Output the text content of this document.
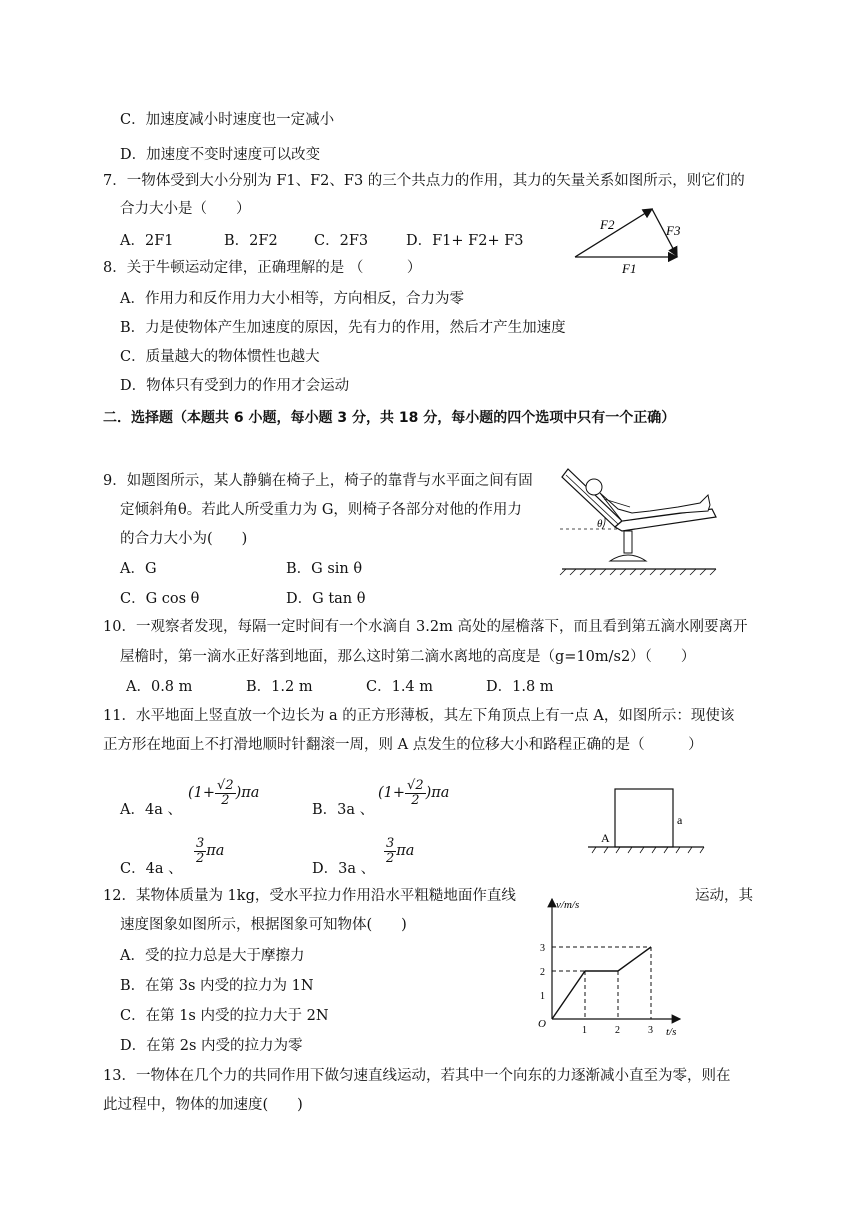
C．加速度减小时速度也一定减小
D．加速度不变时速度可以改变
7．一物体受到大小分别为 F1、F2、F3 的三个共点力的作用，其力的矢量关系如图所示，则它们的
合力大小是（　　）
A．2F1	B．2F2	C．2F3	D．F1+ F2+ F3
F2	F3
F1
8．关于牛顿运动定律，正确理解的是 （　　　）
A．作用力和反作用力大小相等，方向相反，合力为零
B．力是使物体产生加速度的原因，先有力的作用，然后才产生加速度
C．质量越大的物体惯性也越大
D．物体只有受到力的作用才会运动
二．选择题（本题共 6 小题，每小题 3 分，共 18 分，每小题的四个选项中只有一个正确）
9．如题图所示，某人静躺在椅子上，椅子的靠背与水平面之间有固
定倾斜角θ。若此人所受重力为 G，则椅子各部分对他的作用力
的合力大小为(　　)
A．G	B．G sin θ
C．G cos θ	D．G tan θ
θ
10．一观察者发现，每隔一定时间有一个水滴自 3.2m 高处的屋檐落下，而且看到第五滴水刚要离开
屋檐时，第一滴水正好落到地面，那么这时第二滴水离地的高度是（g=10m/s2）（　　）
A．0.8 m	B．1.2 m	C．1.4 m	D．1.8 m
11．水平地面上竖直放一个边长为 a 的正方形薄板，其左下角顶点上有一点 A，如图所示：现使该
正方形在地面上不打滑地顺时针翻滚一周，则 A 点发生的位移大小和路程正确的是（　　　）
A．4a 、
$(1+ \frac{√2}{2} )\pi a$
B．3a 、
$(1+ \frac{√2}{2} )\pi a$
C．4a 、
$\frac{3}{2}$ πa
D．3a 、
$\frac{3}{2}$ πa
A
a
12．某物体质量为 1kg，受水平拉力作用沿水平粗糙地面作直线	运动，其
速度图象如图所示，根据图象可知物体(　　)
A．受的拉力总是大于摩擦力
B．在第 3s 内受的拉力为 1N
C．在第 1s 内受的拉力大于 2N
D．在第 2s 内受的拉力为零
v/m/s
t/s
O
1	2	3
1
2
3
13．一物体在几个力的共同作用下做匀速直线运动，若其中一个向东的力逐渐减小直至为零，则在
此过程中，物体的加速度(　　)
